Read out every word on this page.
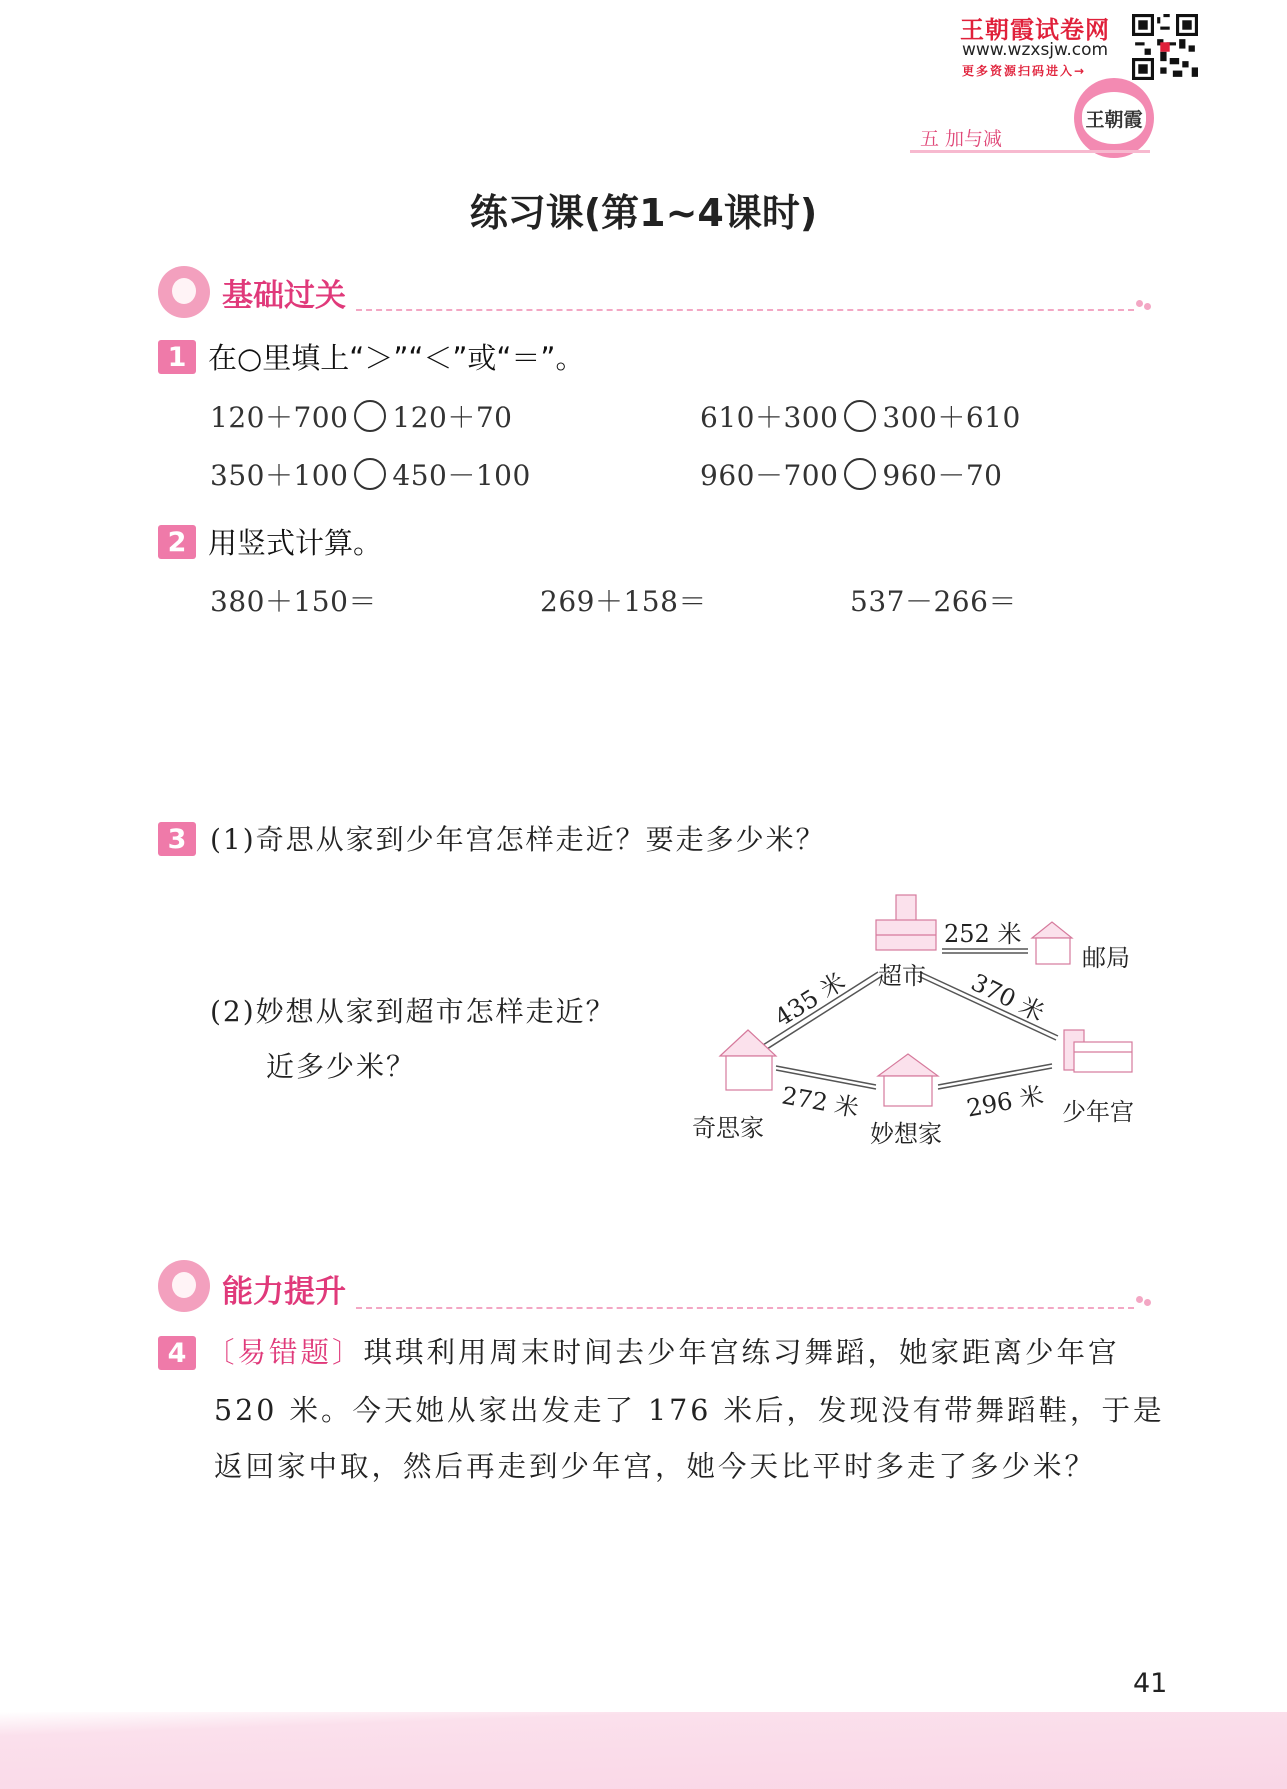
王朝霞试卷网
www.wzxsjw.com
更多资源扫码进入→
王朝霞
五 加与减
练习课(第1~4课时)
基础过关
1 在○里填上“＞”“＜”或“＝”。
120＋700 120＋70	610＋300 300＋610
350＋100 450－100	960－700 960－70
2 用竖式计算。
380＋150＝	269＋158＝	537－266＝
3 (1)奇思从家到少年宫怎样走近？要走多少米？
(2)妙想从家到超市怎样走近？
近多少米？
超市
邮局
奇思家	妙想家
少年宫
252 米
435 米	370 米
272 米	296 米
能力提升
4 〔易错题〕琪琪利用周末时间去少年宫练习舞蹈，她家距离少年宫
520 米。今天她从家出发走了 176 米后，发现没有带舞蹈鞋，于是
返回家中取，然后再走到少年宫，她今天比平时多走了多少米？
41
